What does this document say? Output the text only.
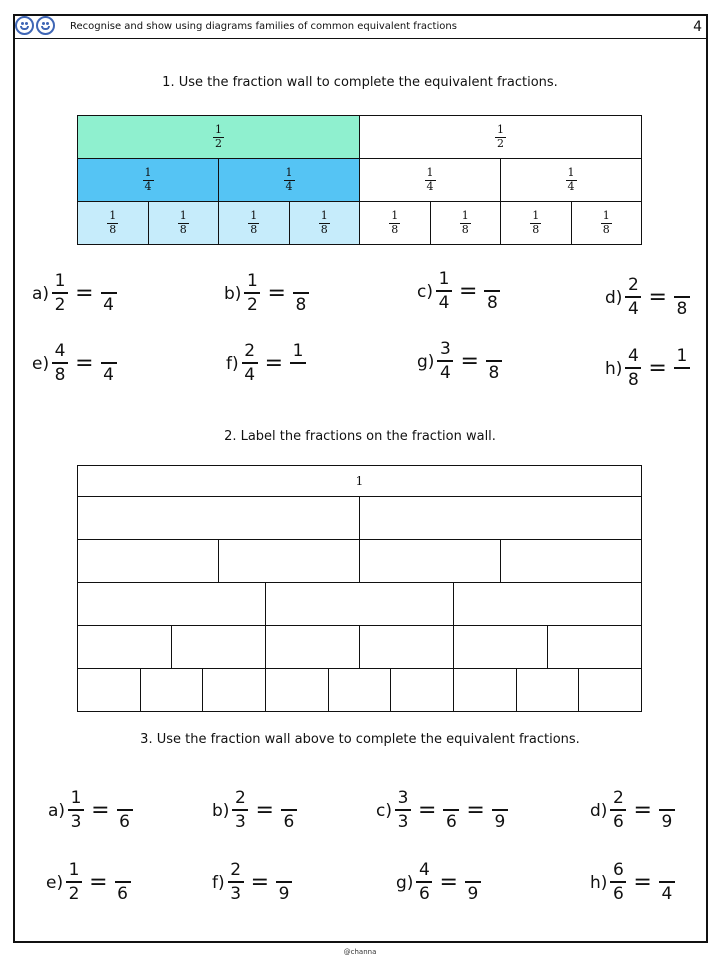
Recognise and show using diagrams families of common equivalent fractions	4
1. Use the fraction wall to complete the equivalent fractions.
$\frac{1}{2}$	$\frac{1}{2}$
$\frac{1}{4}$	$\frac{1}{4}$	$\frac{1}{4}$	$\frac{1}{4}$
$\frac{1}{8}$	$\frac{1}{8}$	$\frac{1}{8}$	$\frac{1}{8}$	$\frac{1}{8}$	$\frac{1}{8}$	$\frac{1}{8}$	$\frac{1}{8}$
$a) \frac{1}{2}$ =
4
$b) \frac{1}{2}$ =
8
$c) \frac{1}{4}$ =
8	$d) \frac{2}{4}$ =
8
$e) \frac{4}{8}$ =
4
$f) \frac{2}{4} = 1$

$g) \frac{3}{4}$ =
8	$h) \frac{4}{8} = 1$

2. Label the fractions on the fraction wall.
1
3. Use the fraction wall above to complete the equivalent fractions.
$a) \frac{1}{3}$ =
6
$b) \frac{2}{3}$ =
6
$c) \frac{3}{3}$ =
6 =
9
$d) \frac{2}{6}$ =
9
$e) \frac{1}{2}$ =
6
$f) \frac{2}{3}$ =
9
$g) \frac{4}{6}$ =
9
$h) \frac{6}{6}$ =
4
@channa
